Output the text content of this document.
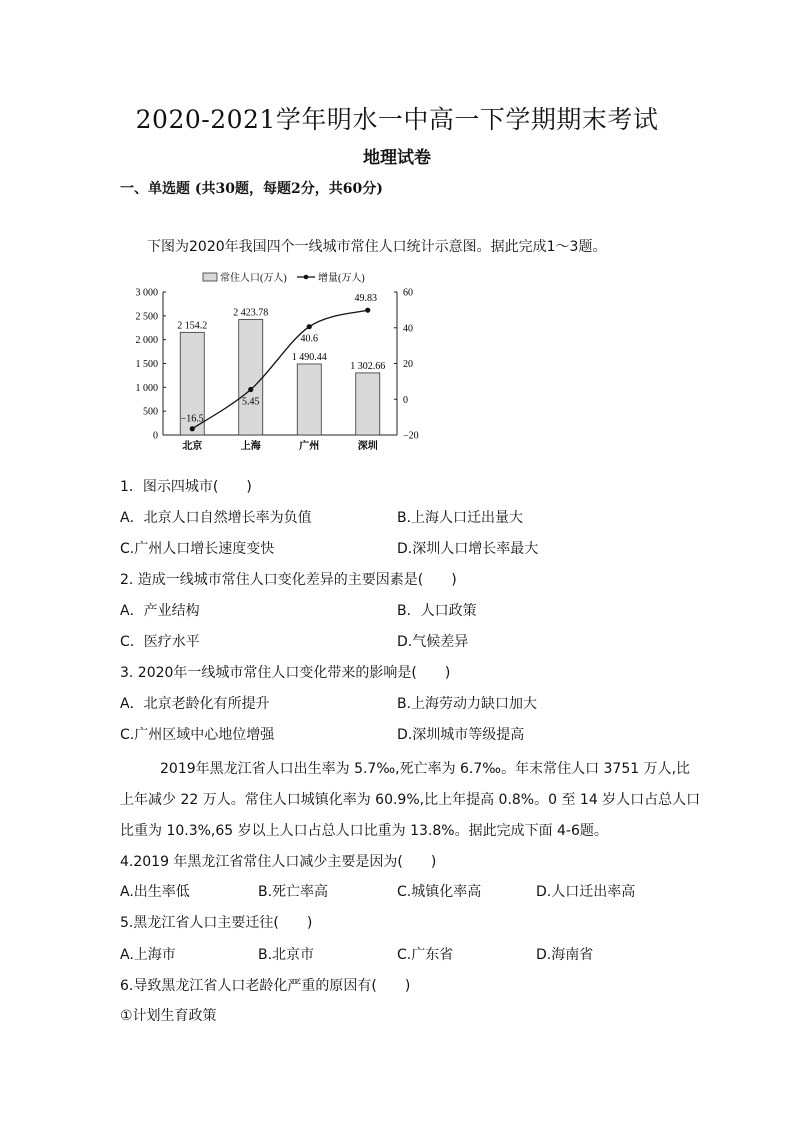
2020-2021学年明水一中高一下学期期末考试
地理试卷
一、单选题 (共30题，每题2分，共60分)
下图为2020年我国四个一线城市常住人口统计示意图。据此完成1～3题。
常住人口(万人)	增量(万人)
0
500
1 000
1 500
2 000
2 500
3 000
−20
0
20
40
60
北京	上海	广州	深圳
2 154.2
2 423.78
1 490.44
1 302.66
−16.5
5.45
40.6
49.83
1．图示四城市(　　)
A．北京人口自然增长率为负值	B.上海人口迁出量大
C.广州人口增长速度变快	D.深圳人口增长率最大
2. 造成一线城市常住人口变化差异的主要因素是(　　)
A．产业结构	B．人口政策
C．医疗水平	D.气候差异
3. 2020年一线城市常住人口变化带来的影响是(　　)
A．北京老龄化有所提升	B.上海劳动力缺口加大
C.广州区域中心地位增强	D.深圳城市等级提高
2019年黑龙江省人口出生率为 5.7‰,死亡率为 6.7‰。年末常住人口 3751 万人,比
上年减少 22 万人。常住人口城镇化率为 60.9%,比上年提高 0.8%。0 至 14 岁人口占总人口
比重为 10.3%,65 岁以上人口占总人口比重为 13.8%。据此完成下面 4-6题。
4.2019 年黑龙江省常住人口减少主要是因为(　　)
A.出生率低	B.死亡率高	C.城镇化率高	D.人口迁出率高
5.黑龙江省人口主要迁往(　　)
A.上海市	B.北京市	C.广东省	D.海南省
6.导致黑龙江省人口老龄化严重的原因有(　　)
①计划生育政策
